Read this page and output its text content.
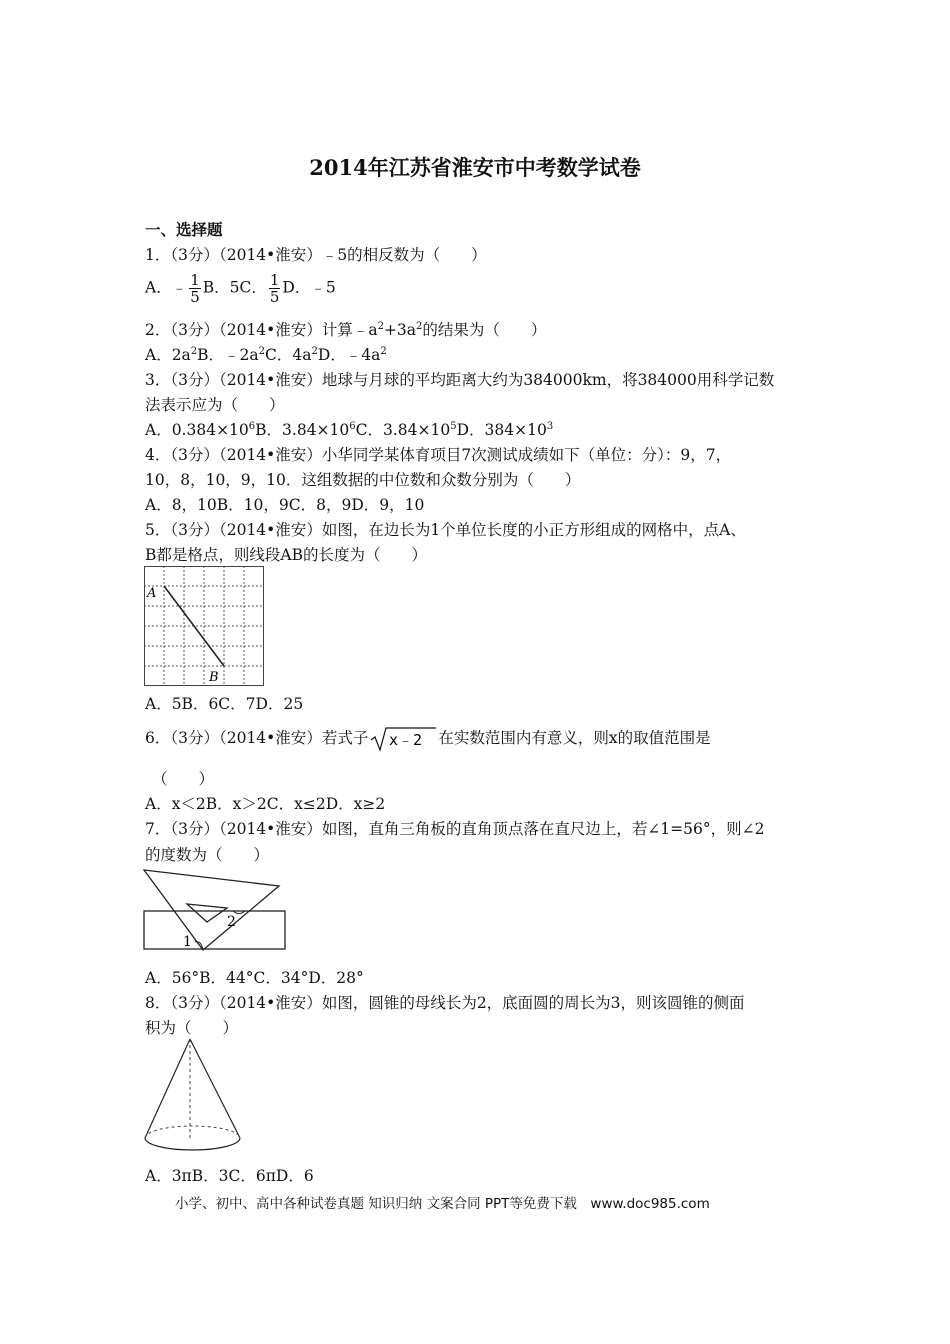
2014年江苏省淮安市中考数学试卷
一、选择题
1．（3分）（2014•淮安）﹣5的相反数为（　　）
A．﹣ $\frac{1}{5}$ B．5C． $\frac{1}{5}$ D．﹣5
2．（3分）（2014•淮安）计算$﹣a^2+3a^2$的结果为（　　）
A．$2a^2B$．$﹣2a^2C$．$4a^2D$．$﹣4a^2$
3．（3分）（2014•淮安）地球与月球的平均距离大约为384000km，将384000用科学记数
法表示应为（　　）
A．$0.384\times 10^6B$．$3.84\times 10^6C$．$3.84\times 10^5D$．$384\times 10^3$
4．（3分）（2014•淮安）小华同学某体育项目7次测试成绩如下（单位：分）：9，7，
10，8，10，9，10．这组数据的中位数和众数分别为（　　）
A．8，10B．10，9C．8，9D．9，10
5．（3分）（2014•淮安）如图，在边长为1个单位长度的小正方形组成的网格中，点A、
B都是格点，则线段AB的长度为（　　）
A
B
A．5B．6C．7D．25
6．（3分）（2014•淮安）若式子 x﹣2 在实数范围内有意义，则x的取值范围是
（　　）
A．x＜2B．x＞2C．x≤2D．x≥2
7．（3分）（2014•淮安）如图，直角三角板的直角顶点落在直尺边上，若∠1=56°，则∠2
的度数为（　　）
1
2
A．56°B．44°C．34°D．28°
8．（3分）（2014•淮安）如图，圆锥的母线长为2，底面圆的周长为3，则该圆锥的侧面
积为（　　）
A．3πB．3C．6πD．6
小学、初中、高中各种试卷真题 知识归纳 文案合同 PPT等免费下载　www.doc985.com
